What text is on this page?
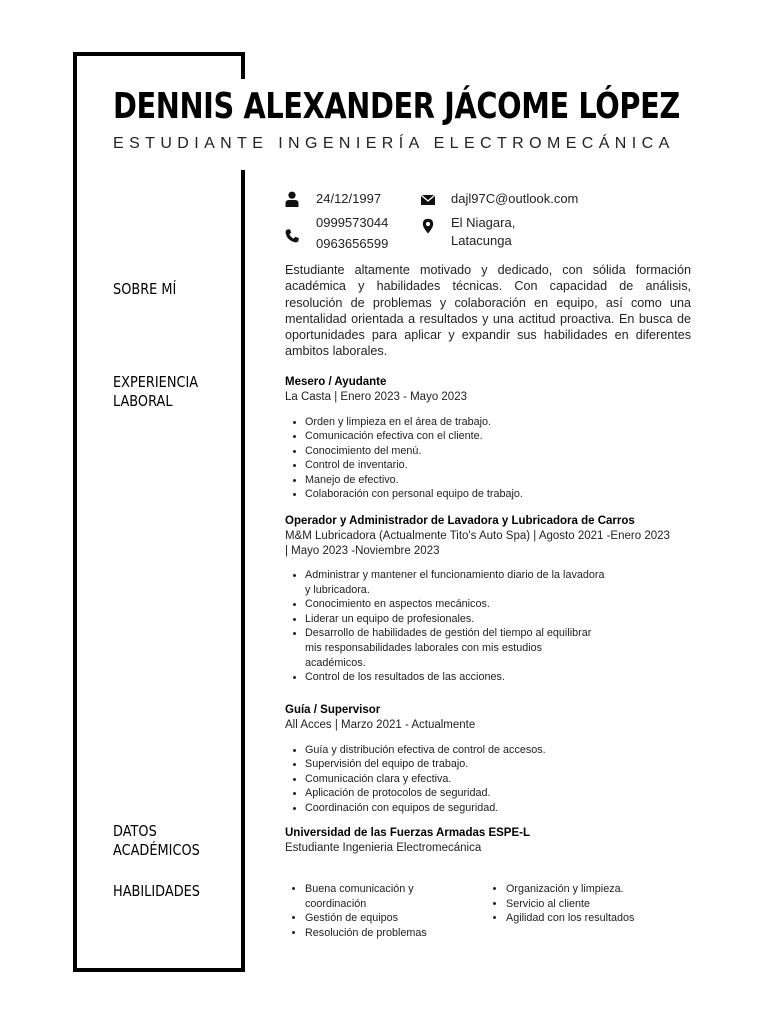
DENNIS ALEXANDER JÁCOME LÓPEZ

ESTUDIANTE INGENIERÍA ELECTROMECÁNICA

24/12/1997	dajl97C@outlook.com
0999573044
0963656599
El Niagara,
Latacunga
SOBRE MÍ
EXPERIENCIA
LABORAL
DATOS
ACADÉMICOS
HABILIDADES

Estudiante altamente motivado y dedicado, con sólida formación académica y habilidades técnicas. Con capacidad de análisis, resolución de problemas y colaboración en equipo, así como una mentalidad orientada a resultados y una actitud proactiva. En busca de oportunidades para aplicar y expandir sus habilidades en diferentes ambitos laborales.

Mesero / Ayudante

La Casta | Enero 2023 - Mayo 2023

• Orden y limpieza en el área de trabajo.
• Comunicación efectiva con el cliente.
• Conocimiento del menú.
• Control de inventario.
• Manejo de efectivo.
• Colaboración con personal equipo de trabajo.

Operador y Administrador de Lavadora y Lubricadora de Carros

M&M Lubricadora (Actualmente Tito's Auto Spa) | Agosto 2021 -Enero 2023

| Mayo 2023 -Noviembre 2023

• Administrar y mantener el funcionamiento diario de la lavadora y lubricadora.
• Conocimiento en aspectos mecánicos.
• Liderar un equipo de profesionales.
• Desarrollo de habilidades de gestión del tiempo al equilibrar mis responsabilidades laborales con mis estudios académicos.
• Control de los resultados de las acciones.

Guía / Supervisor

All Acces | Marzo 2021 - Actualmente

• Guía y distribución efectiva de control de accesos.
• Supervisión del equipo de trabajo.
• Comunicación clara y efectiva.
• Aplicación de protocolos de seguridad.
• Coordinación con equipos de seguridad.

Universidad de las Fuerzas Armadas ESPE-L

Estudiante Ingenieria Electromecánica

• Buena comunicación y coordinación
• Gestión de equipos
• Resolución de problemas
• Organización y limpieza.
• Servicio al cliente
• Agilidad con los resultados
